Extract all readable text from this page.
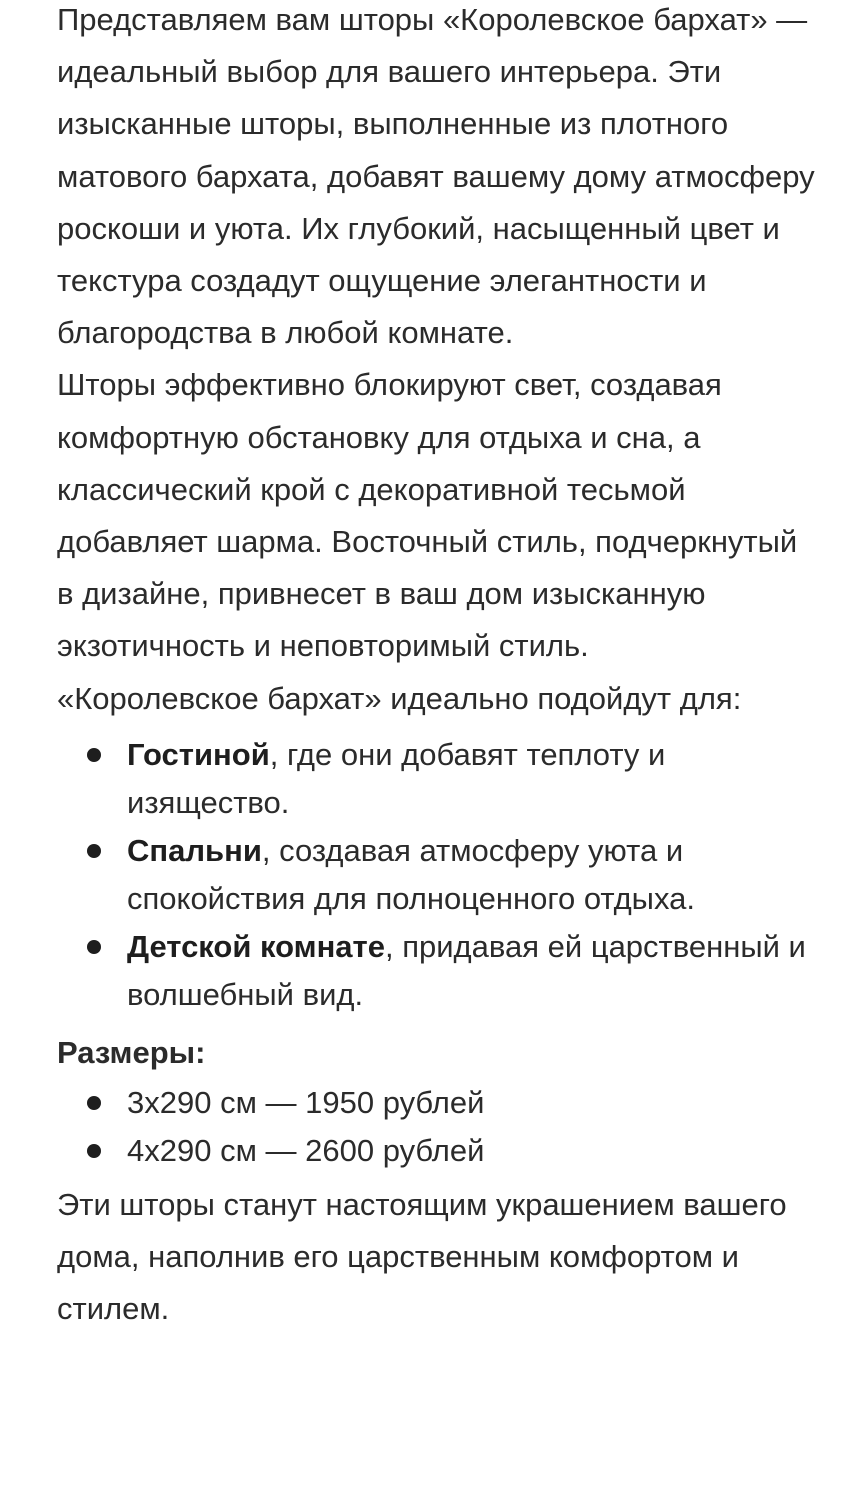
Представляем вам шторы «Королевское бархат» — идеальный выбор для вашего интерьера. Эти изысканные шторы, выполненные из плотного матового бархата, добавят вашему дому атмосферу роскоши и уюта. Их глубокий, насыщенный цвет и текстура создадут ощущение элегантности и благородства в любой комнате.

Шторы эффективно блокируют свет, создавая комфортную обстановку для отдыха и сна, а классический крой с декоративной тесьмой добавляет шарма. Восточный стиль, подчеркнутый в дизайне, привнесет в ваш дом изысканную экзотичность и неповторимый стиль.

«Королевское бархат» идеально подойдут для:

Гостиной, где они добавят теплоту и изящество.
Спальни, создавая атмосферу уюта и спокойствия для полноценного отдыха.
Детской комнате, придавая ей царственный и волшебный вид.

Размеры:

3х290 см — 1950 рублей
4х290 см — 2600 рублей

Эти шторы станут настоящим украшением вашего дома, наполнив его царственным комфортом и стилем.
